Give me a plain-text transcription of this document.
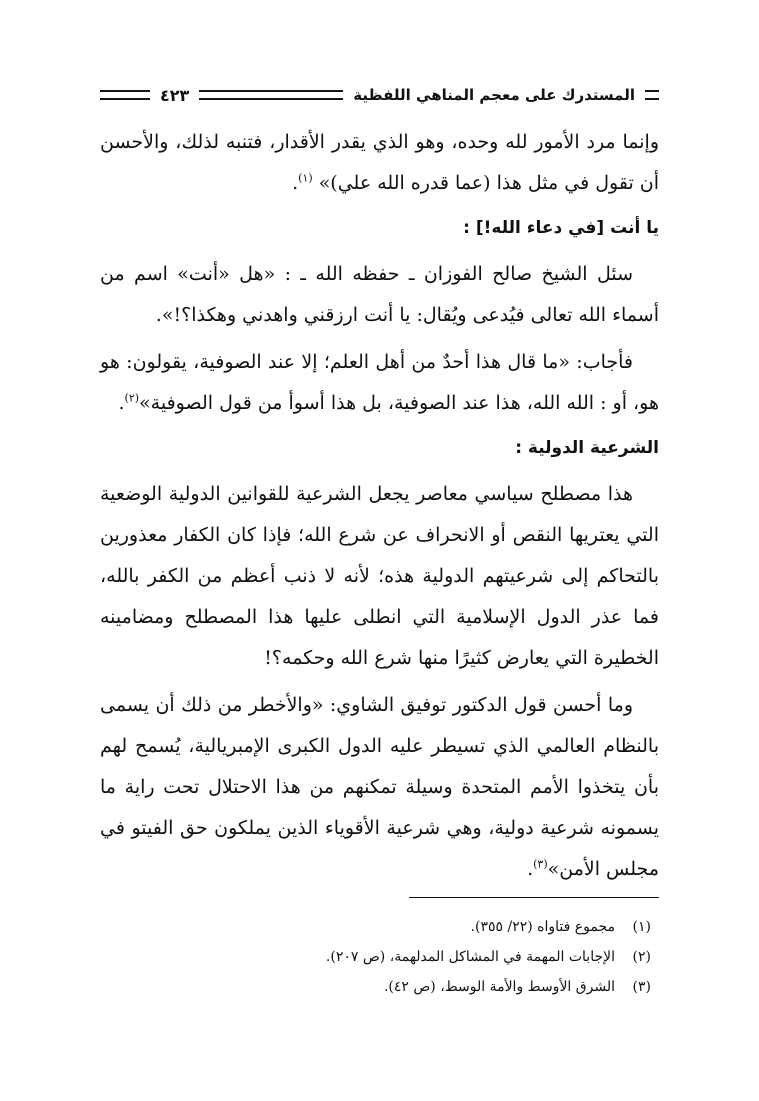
المستدرك على معجم المناهي اللفظية
٤٢٣

وإنما مرد الأمور لله وحده، وهو الذي يقدر الأقدار، فتنبه لذلك، والأحسن أن تقول في مثل هذا (عما قدره الله علي)» $^{(١)}$.

يا أنت [في دعاء الله!] :

سئل الشيخ صالح الفوزان ـ حفظه الله ـ : «هل «أنت» اسم من أسماء الله تعالى فيُدعى ويُقال: يا أنت ارزقني واهدني وهكذا؟!».

فأجاب: «ما قال هذا أحدٌ من أهل العلم؛ إلا عند الصوفية، يقولون: هو هو، أو : الله الله، هذا عند الصوفية، بل هذا أسوأ من قول الصوفية»$^{(٢)}$.

الشرعية الدولية :

هذا مصطلح سياسي معاصر يجعل الشرعية للقوانين الدولية الوضعية التي يعتريها النقص أو الانحراف عن شرع الله؛ فإذا كان الكفار معذورين بالتحاكم إلى شرعيتهم الدولية هذه؛ لأنه لا ذنب أعظم من الكفر بالله، فما عذر الدول الإسلامية التي انطلى عليها هذا المصطلح ومضامينه الخطيرة التي يعارض كثيرًا منها شرع الله وحكمه؟!

وما أحسن قول الدكتور توفيق الشاوي: «والأخطر من ذلك أن يسمى بالنظام العالمي الذي تسيطر عليه الدول الكبرى الإمبريالية، يُسمح لهم بأن يتخذوا الأمم المتحدة وسيلة تمكنهم من هذا الاحتلال تحت راية ما يسمونه شرعية دولية، وهي شرعية الأقوياء الذين يملكون حق الفيتو في مجلس الأمن»$^{(٣)}$.

(١)
مجموع فتاواه (٢٢/ ٣٥٥).
(٢)
الإجابات المهمة في المشاكل المدلهمة، (ص ٢٠٧).
(٣)
الشرق الأوسط والأمة الوسط، (ص ٤٢).
